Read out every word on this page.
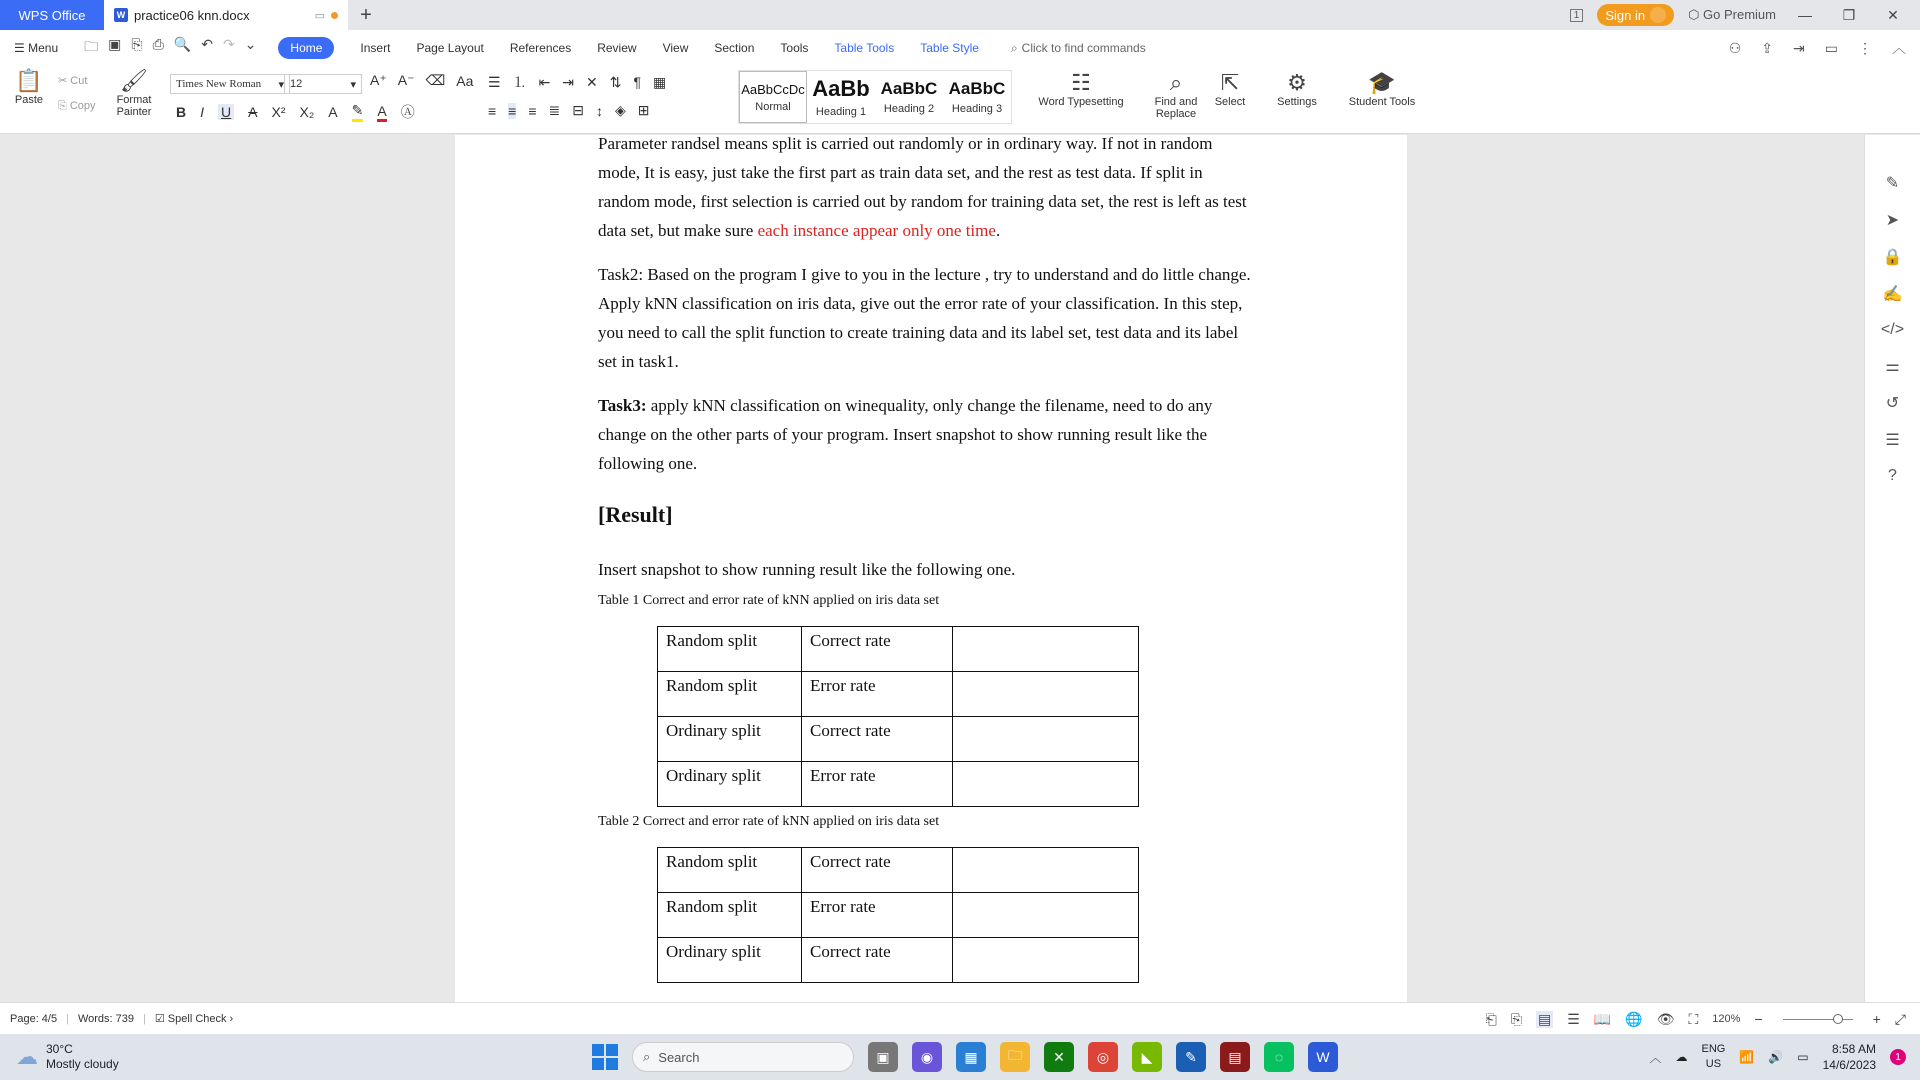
WPS Office	W practice06 knn.docx	▭	+	1	Sign in	⬡ Go Premium	—	❐	✕
☰ Menu 🗀 ▣ ⎘ ⎙ 🔍 ↶ ↷ ⌄	Home	Insert Page Layout References Review View Section Tools Table Tools Table Style	⌕ Click to find commands	⚇ ⇪ ⇥ ▭ ⋮ ︿
📋
Paste
✂ Cut
⎘ Copy
🖌
Format
Painter
Times New Roman ▾ 12	▾ A⁺ A⁻ ⌫ Aa
B I U A X² X₂ A ✎ A Ⓐ
☰ ⒈ ⇤ ⇥ ✕ ⇅ ¶ ▦
≡ ≡ ≡ ≣ ⊟ ↕ ◈ ⊞
AaBbCcDc
Normal
AaBb
Heading 1
AaBbC
Heading 2
AaBbC
Heading 3
☷
Word Typesetting
⌕
Find and Replace
⇱
Select
⚙
Settings
🎓
Student Tools

Parameter randsel means split is carried out randomly or in ordinary way. If not in random mode, It is easy, just take the first part as train data set, and the rest as test data. If split in random mode, first selection is carried out by random for training data set, the rest is left as test data set, but make sure each instance appear only one time.

Task2: Based on the program I give to you in the lecture , try to understand and do little change. Apply kNN classification on iris data, give out the error rate of your classification. In this step, you need to call the split function to create training data and its label set, test data and its label set in task1.

Task3: apply kNN classification on winequality, only change the filename, need to do any change on the other parts of your program. Insert snapshot to show running result like the following one.

[Result]

Insert snapshot to show running result like the following one.

Table 1 Correct and error rate of kNN applied on iris data set
Random split	Correct rate	
Random split	Error rate	
Ordinary split	Correct rate	
Ordinary split	Error rate	
Table 2 Correct and error rate of kNN applied on iris data set
Random split	Correct rate	
Random split	Error rate	
Ordinary split	Correct rate	
✎
➤
🔒
✍
</>
⚌
↺
☰
?
Page: 4/5 | Words: 739 | ☑ Spell Check ›	⎗ ⎘ ▤ ☰ 📖 🌐 👁 ⛶ 120% −	+ ⤢
☁ 30°C
Mostly cloudy	⌕ Search	▣	◉	▦	🗀	✕	◎	◣	✎	▤	◌	W	︿ ☁
ENG
US	📶 🔊 ▭
8:58 AM
14/6/2023
1
